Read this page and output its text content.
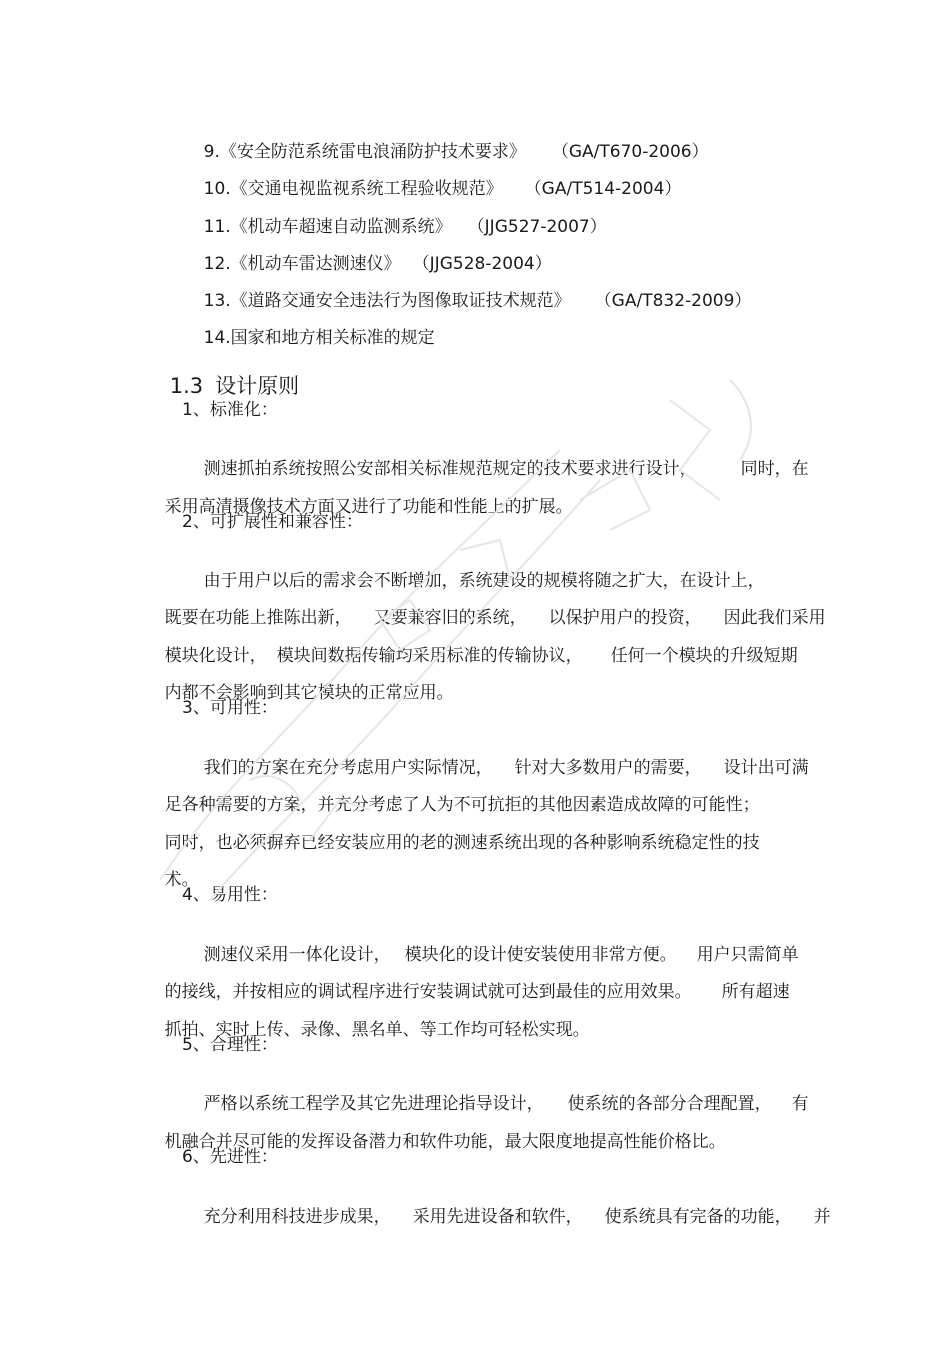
9.《安全防范系统雷电浪涌防护技术要求》 （GA/T670-2006）

10.《交通电视监视系统工程验收规范》 （GA/T514-2004）

11.《机动车超速自动监测系统》 （JJG527-2007）

12.《机动车雷达测速仪》 （JJG528-2004）

13.《道路交通安全违法行为图像取证技术规范》 （GA/T832-2009）

14.国家和地方相关标准的规定

1.3 设计原则

1、标准化：

测速抓拍系统按照公安部相关标准规范规定的技术要求进行设计，	同时，在

采用高清摄像技术方面又进行了功能和性能上的扩展。

2、可扩展性和兼容性：

由于用户以后的需求会不断增加，系统建设的规模将随之扩大，在设计上，

既要在功能上推陈出新， 又要兼容旧的系统， 以保护用户的投资， 因此我们采用

模块化设计， 模块间数据传输均采用标准的传输协议， 任何一个模块的升级短期

内都不会影响到其它模块的正常应用。

3、可用性：

我们的方案在充分考虑用户实际情况， 针对大多数用户的需要， 设计出可满

足各种需要的方案，并充分考虑了人为不可抗拒的其他因素造成故障的可能性；

同时，也必须摒弃已经安装应用的老的测速系统出现的各种影响系统稳定性的技

术。

4、易用性：

测速仪采用一体化设计， 模块化的设计使安装使用非常方便。 用户只需简单

的接线，并按相应的调试程序进行安装调试就可达到最佳的应用效果。 所有超速

抓拍、实时上传、录像、黑名单、等工作均可轻松实现。

5、合理性：

严格以系统工程学及其它先进理论指导设计， 使系统的各部分合理配置， 有

机融合并尽可能的发挥设备潜力和软件功能，最大限度地提高性能价格比。

6、先进性：

充分利用科技进步成果， 采用先进设备和软件， 使系统具有完备的功能， 并
